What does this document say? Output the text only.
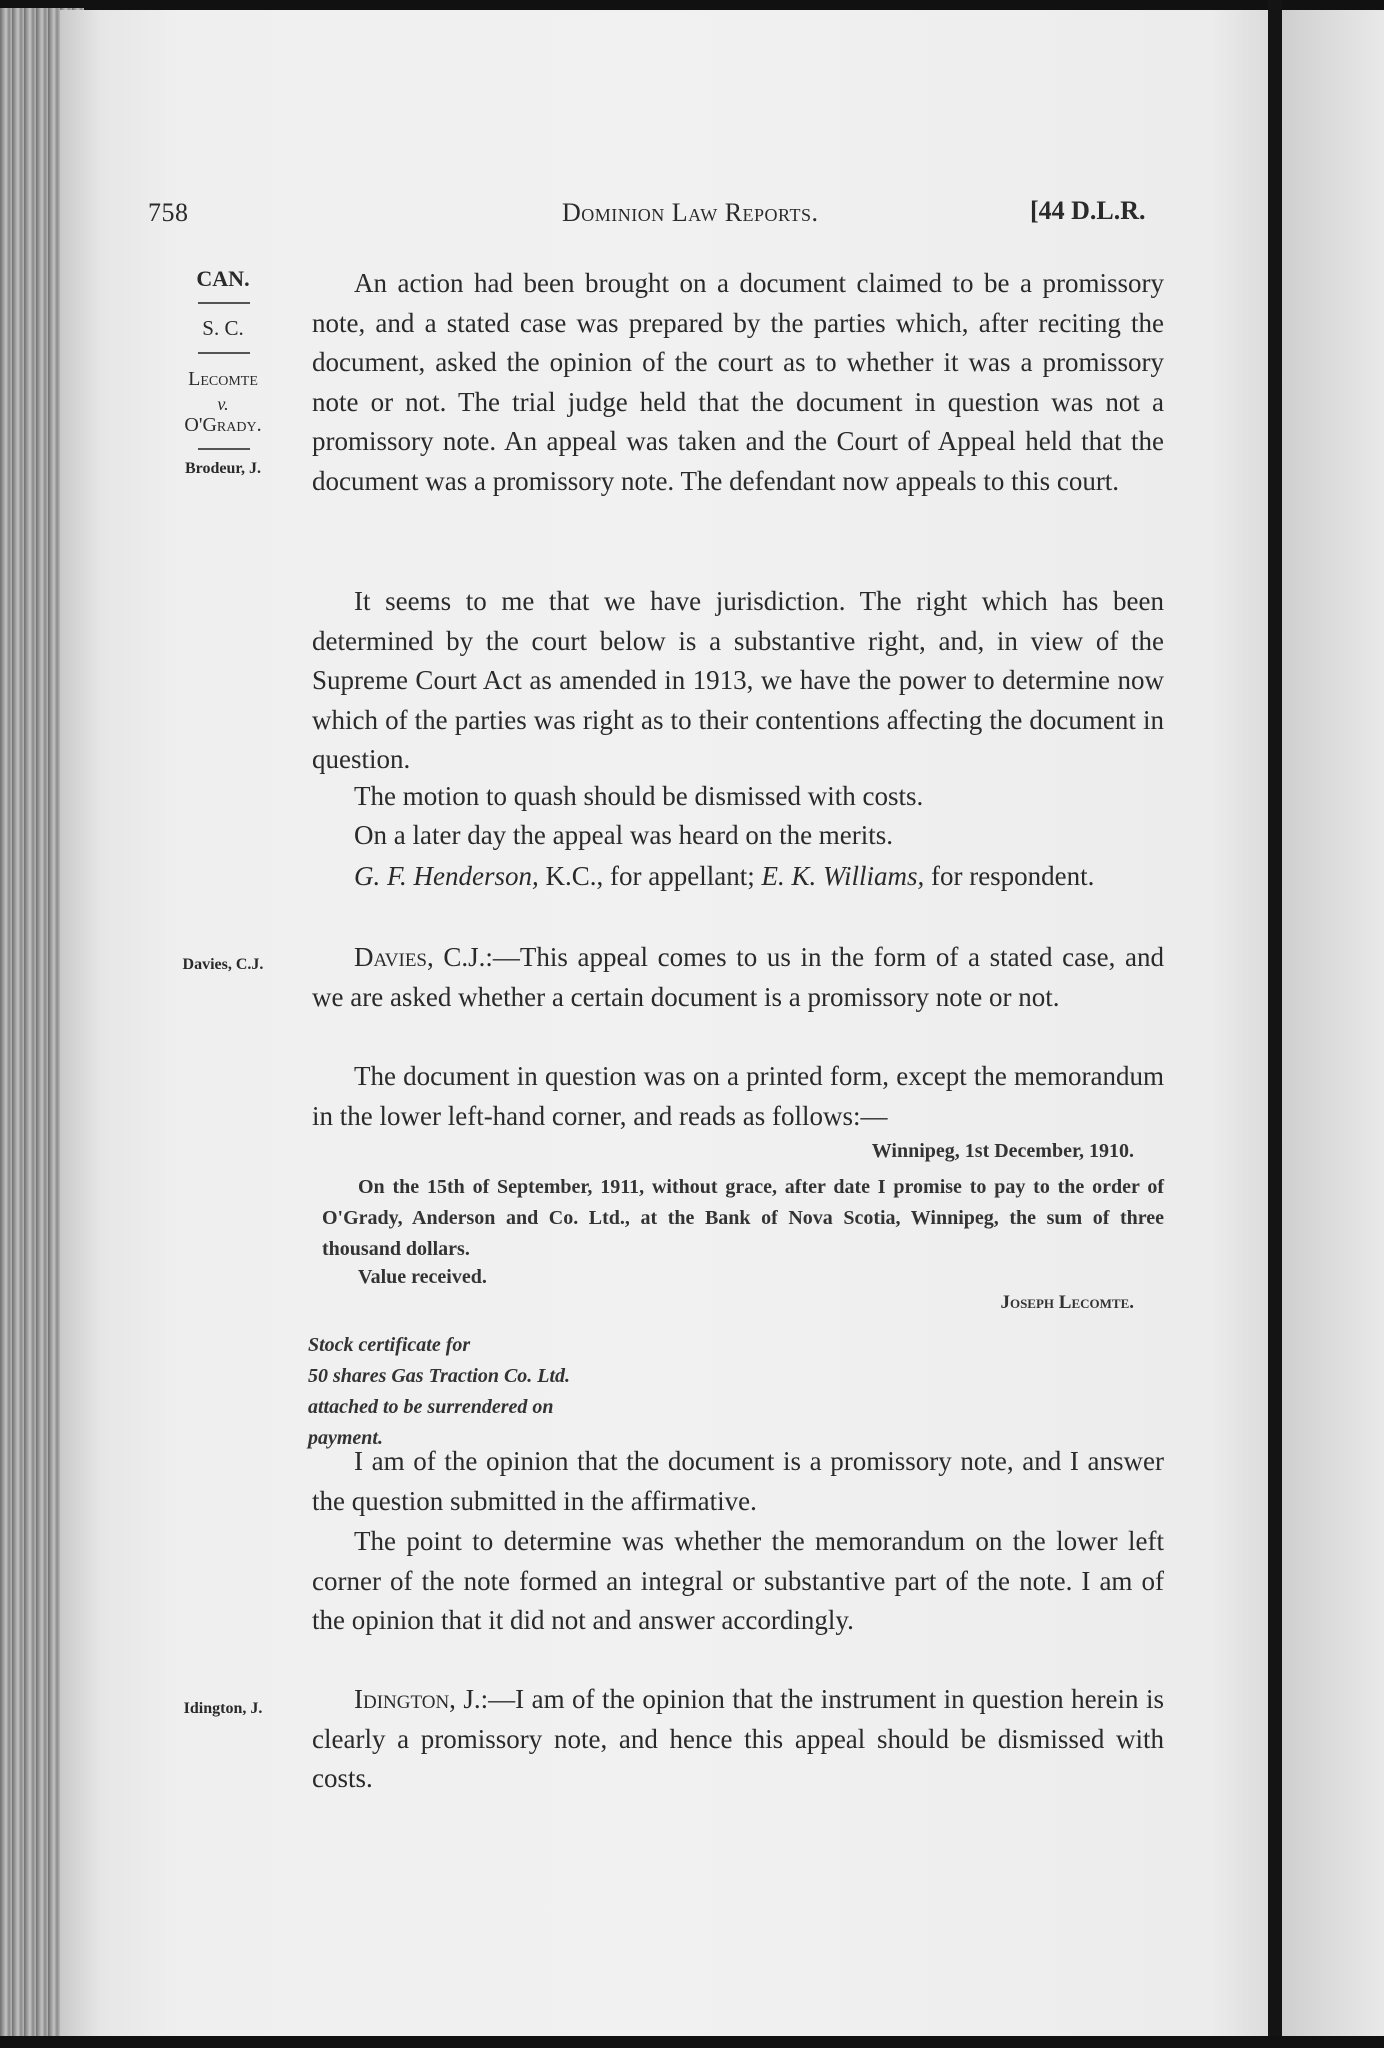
758	Dominion Law Reports.	[44 D.L.R.
CAN.
S. C.
Lecomte
v.
O'Grady.
Brodeur, J.
Davies, C.J.
Idington, J.

An action had been brought on a document claimed to be a promissory note, and a stated case was prepared by the parties which, after reciting the document, asked the opinion of the court as to whether it was a promissory note or not. The trial judge held that the document in question was not a promissory note. An appeal was taken and the Court of Appeal held that the document was a promissory note. The defendant now appeals to this court.

It seems to me that we have jurisdiction. The right which has been determined by the court below is a substantive right, and, in view of the Supreme Court Act as amended in 1913, we have the power to determine now which of the parties was right as to their contentions affecting the document in question.

The motion to quash should be dismissed with costs.

On a later day the appeal was heard on the merits.

G. F. Henderson, K.C., for appellant; E. K. Williams, for respondent.

Davies, C.J.:—This appeal comes to us in the form of a stated case, and we are asked whether a certain document is a promissory note or not.

The document in question was on a printed form, except the memorandum in the lower left-hand corner, and reads as follows:—

Winnipeg, 1st December, 1910.

On the 15th of September, 1911, without grace, after date I promise to pay to the order of O'Grady, Anderson and Co. Ltd., at the Bank of Nova Scotia, Winnipeg, the sum of three thousand dollars.

Value received.
Joseph Lecomte.
Stock certificate for
50 shares Gas Traction Co. Ltd.
attached to be surrendered on
payment.

I am of the opinion that the document is a promissory note, and I answer the question submitted in the affirmative.

The point to determine was whether the memorandum on the lower left corner of the note formed an integral or substantive part of the note. I am of the opinion that it did not and answer accordingly.

Idington, J.:—I am of the opinion that the instrument in question herein is clearly a promissory note, and hence this appeal should be dismissed with costs.
